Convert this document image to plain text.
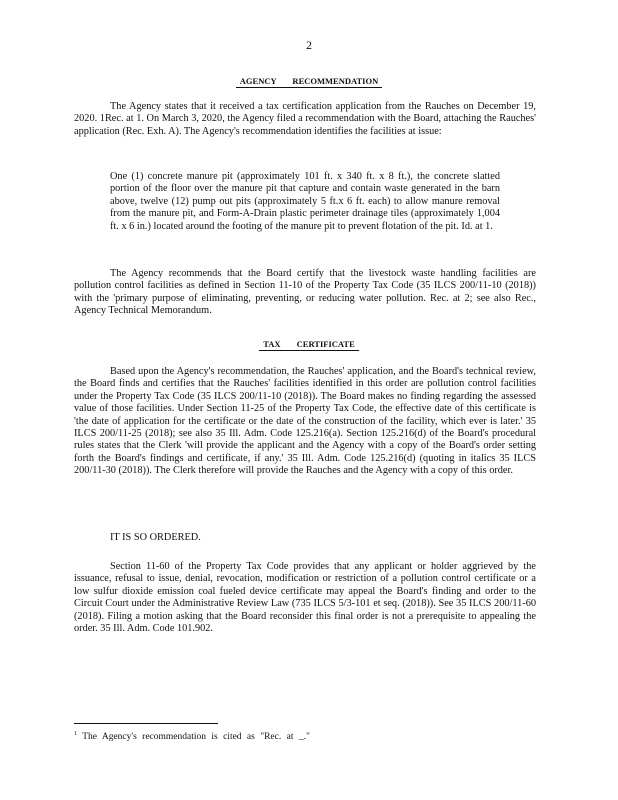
2
AGENCY RECOMMENDATION

The Agency states that it received a tax certification application from the Rauches on December 19, 2020. 1Rec. at 1. On March 3, 2020, the Agency filed a recommendation with the Board, attaching the Rauches' application (Rec. Exh. A). The Agency's recommendation identifies the facilities at issue:

One (1) concrete manure pit (approximately 101 ft. x 340 ft. x 8 ft.), the concrete slatted portion of the floor over the manure pit that capture and contain waste generated in the barn above, twelve (12) pump out pits (approximately 5 ft.x 6 ft. each) to allow manure removal from the manure pit, and Form-A-Drain plastic perimeter drainage tiles (approximately 1,004 ft. x 6 in.) located around the footing of the manure pit to prevent flotation of the pit. Id. at 1.

The Agency recommends that the Board certify that the livestock waste handling facilities are pollution control facilities as defined in Section 11-10 of the Property Tax Code (35 ILCS 200/11-10 (2018)) with the 'primary purpose of eliminating, preventing, or reducing water pollution. Rec. at 2; see also Rec., Agency Technical Memorandum.

TAX CERTIFICATE

Based upon the Agency's recommendation, the Rauches' application, and the Board's technical review, the Board finds and certifies that the Rauches' facilities identified in this order are pollution control facilities under the Property Tax Code (35 ILCS 200/11-10 (2018)). The Board makes no finding regarding the assessed value of those facilities. Under Section 11-25 of the Property Tax Code, the effective date of this certificate is 'the date of application for the certificate or the date of the construction of the facility, which ever is later.' 35 ILCS 200/11-25 (2018); see also 35 Ill. Adm. Code 125.216(a). Section 125.216(d) of the Board's procedural rules states that the Clerk 'will provide the applicant and the Agency with a copy of the Board's order setting forth the Board's findings and certificate, if any.' 35 Ill. Adm. Code 125.216(d) (quoting in italics 35 ILCS 200/11-30 (2018)). The Clerk therefore will provide the Rauches and the Agency with a copy of this order.

IT IS SO ORDERED.

Section 11-60 of the Property Tax Code provides that any applicant or holder aggrieved by the issuance, refusal to issue, denial, revocation, modification or restriction of a pollution control certificate or a low sulfur dioxide emission coal fueled device certificate may appeal the Board's finding and order to the Circuit Court under the Administrative Review Law (735 ILCS 5/3-101 et seq. (2018)). See 35 ILCS 200/11-60 (2018). Filing a motion asking that the Board reconsider this final order is not a prerequisite to appealing the order. 35 Ill. Adm. Code 101.902.

$^1$ The Agency's recommendation is cited as "Rec. at _."
